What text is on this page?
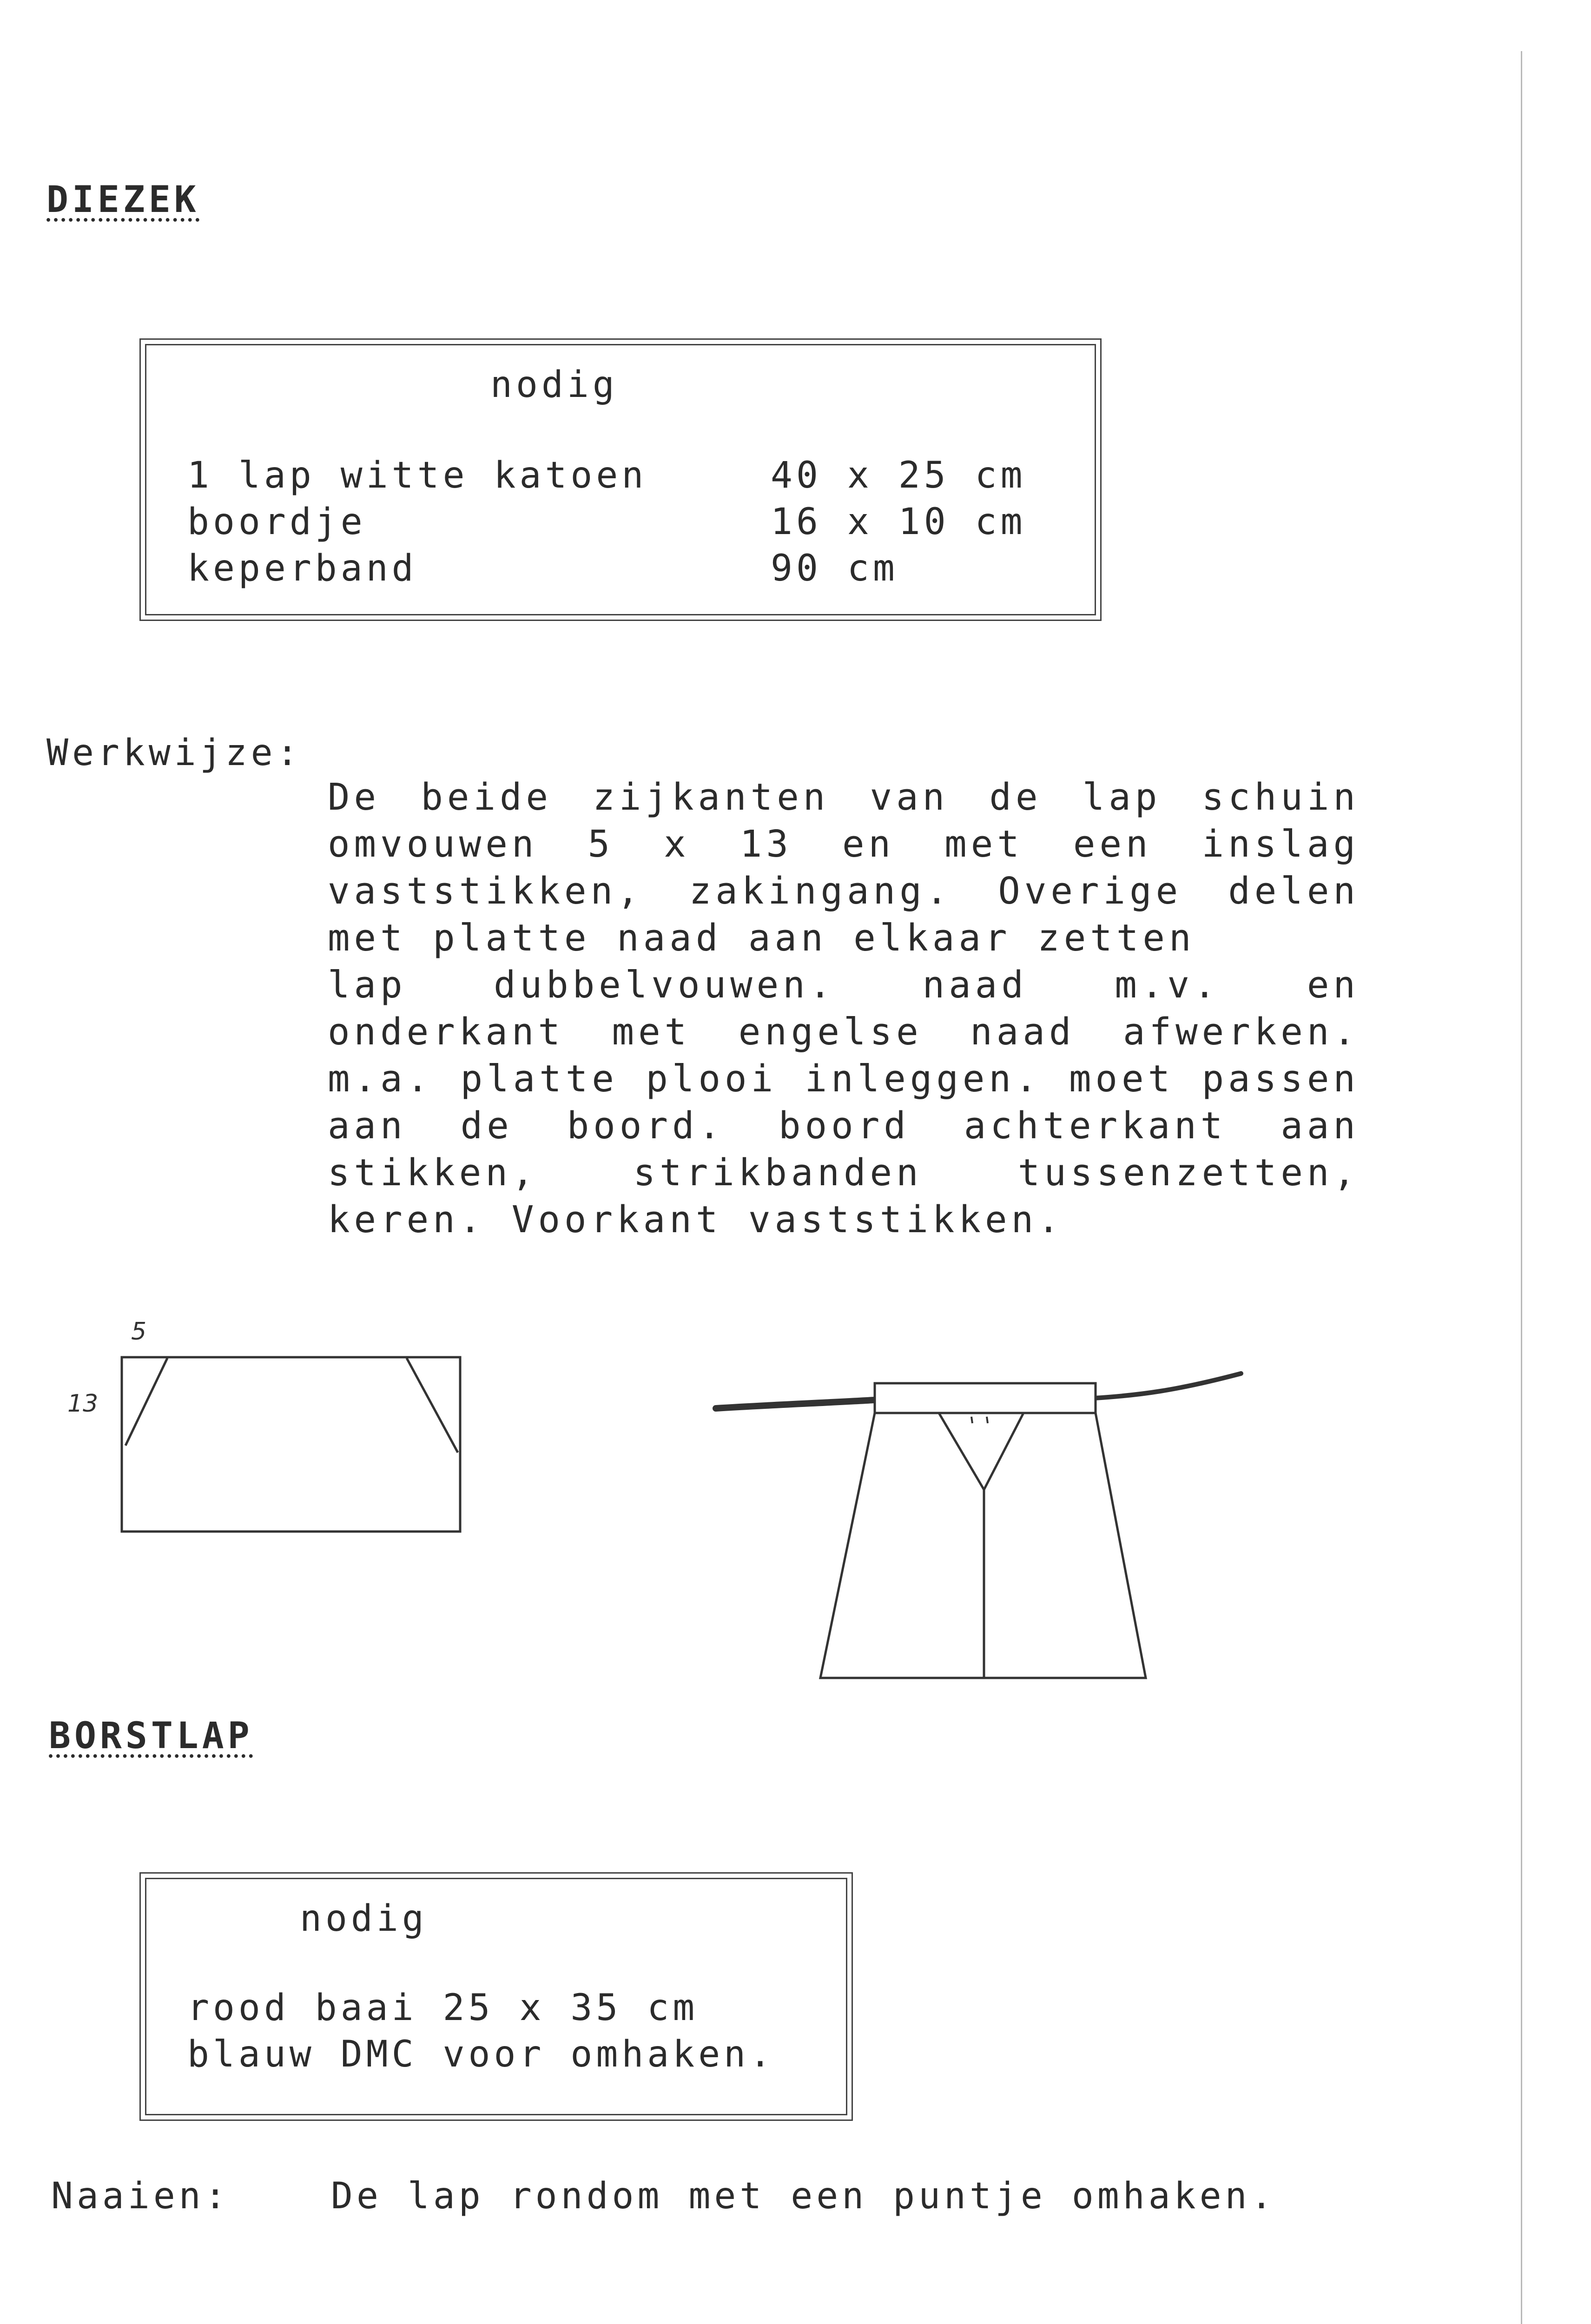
DIEZEK
nodig
1 lap witte katoen	40 x 25 cm
boordje	16 x 10 cm
keperband	90 cm
Werkwijze:

De beide zijkanten van de lap schuin omvouwen 5 x 13 en met een inslag vaststikken, zakingang. Overige delen met platte naad aan elkaar zetten

lap dubbelvouwen. naad m.v. en onderkant met engelse naad afwerken. m.a. platte plooi inleggen. moet passen aan de boord. boord achterkant aan stikken, strikbanden tussenzetten, keren. Voorkant vaststikken.

5
13
BORSTLAP
nodig
rood baai 25 x 35 cm
blauw DMC voor omhaken.
Naaien:	De lap rondom met een puntje omhaken.
